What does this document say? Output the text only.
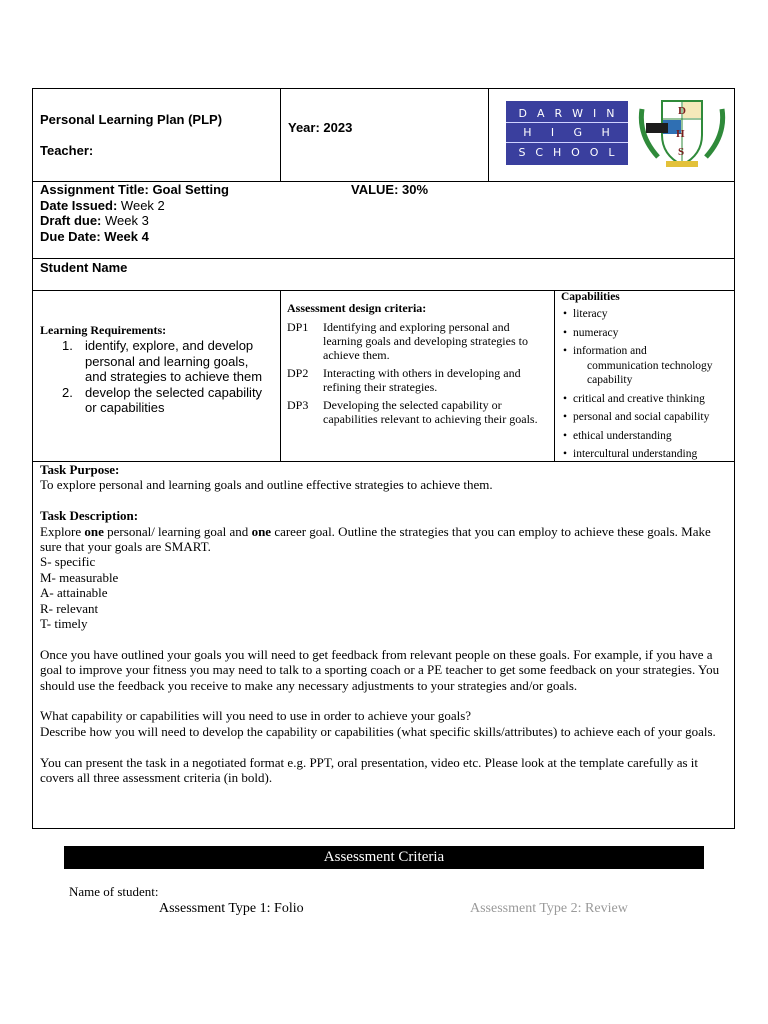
Personal Learning Plan (PLP)
Teacher:
Year: 2023
D A R W I N
H I G H
S C H O O L
D
H
S
Assignment Title: Goal Setting
Date Issued: Week 2
Draft due: Week 3
Due Date: Week 4
VALUE: 30%
Student Name
Learning Requirements:
1. identify, explore, and develop personal and learning goals, and strategies to achieve them
2. develop the selected capability or capabilities
Assessment design criteria:
DP1 Identifying and exploring personal and learning goals and developing strategies to achieve them.
DP2 Interacting with others in developing and refining their strategies.
DP3 Developing the selected capability or capabilities relevant to achieving their goals.
Capabilities
• literacy
• numeracy
• information and
communication technology capability
• critical and creative thinking
• personal and social capability
• ethical understanding
• intercultural understanding

Task Purpose:

To explore personal and learning goals and outline effective strategies to achieve them.

Task Description:

Explore one personal/ learning goal and one career goal. Outline the strategies that you can employ to achieve these goals. Make sure that your goals are SMART.

S- specific

M- measurable

A- attainable

R- relevant

T- timely

Once you have outlined your goals you will need to get feedback from relevant people on these goals. For example, if you have a goal to improve your fitness you may need to talk to a sporting coach or a PE teacher to get some feedback on your strategies. You should use the feedback you receive to make any necessary adjustments to your strategies and/or goals.

What capability or capabilities will you need to use in order to achieve your goals?

Describe how you will need to develop the capability or capabilities (what specific skills/attributes) to achieve each of your goals.

You can present the task in a negotiated format e.g. PPT, oral presentation, video etc. Please look at the template carefully as it covers all three assessment criteria (in bold).

Assessment Criteria
Name of student:
Assessment Type 1: Folio	Assessment Type 2: Review
